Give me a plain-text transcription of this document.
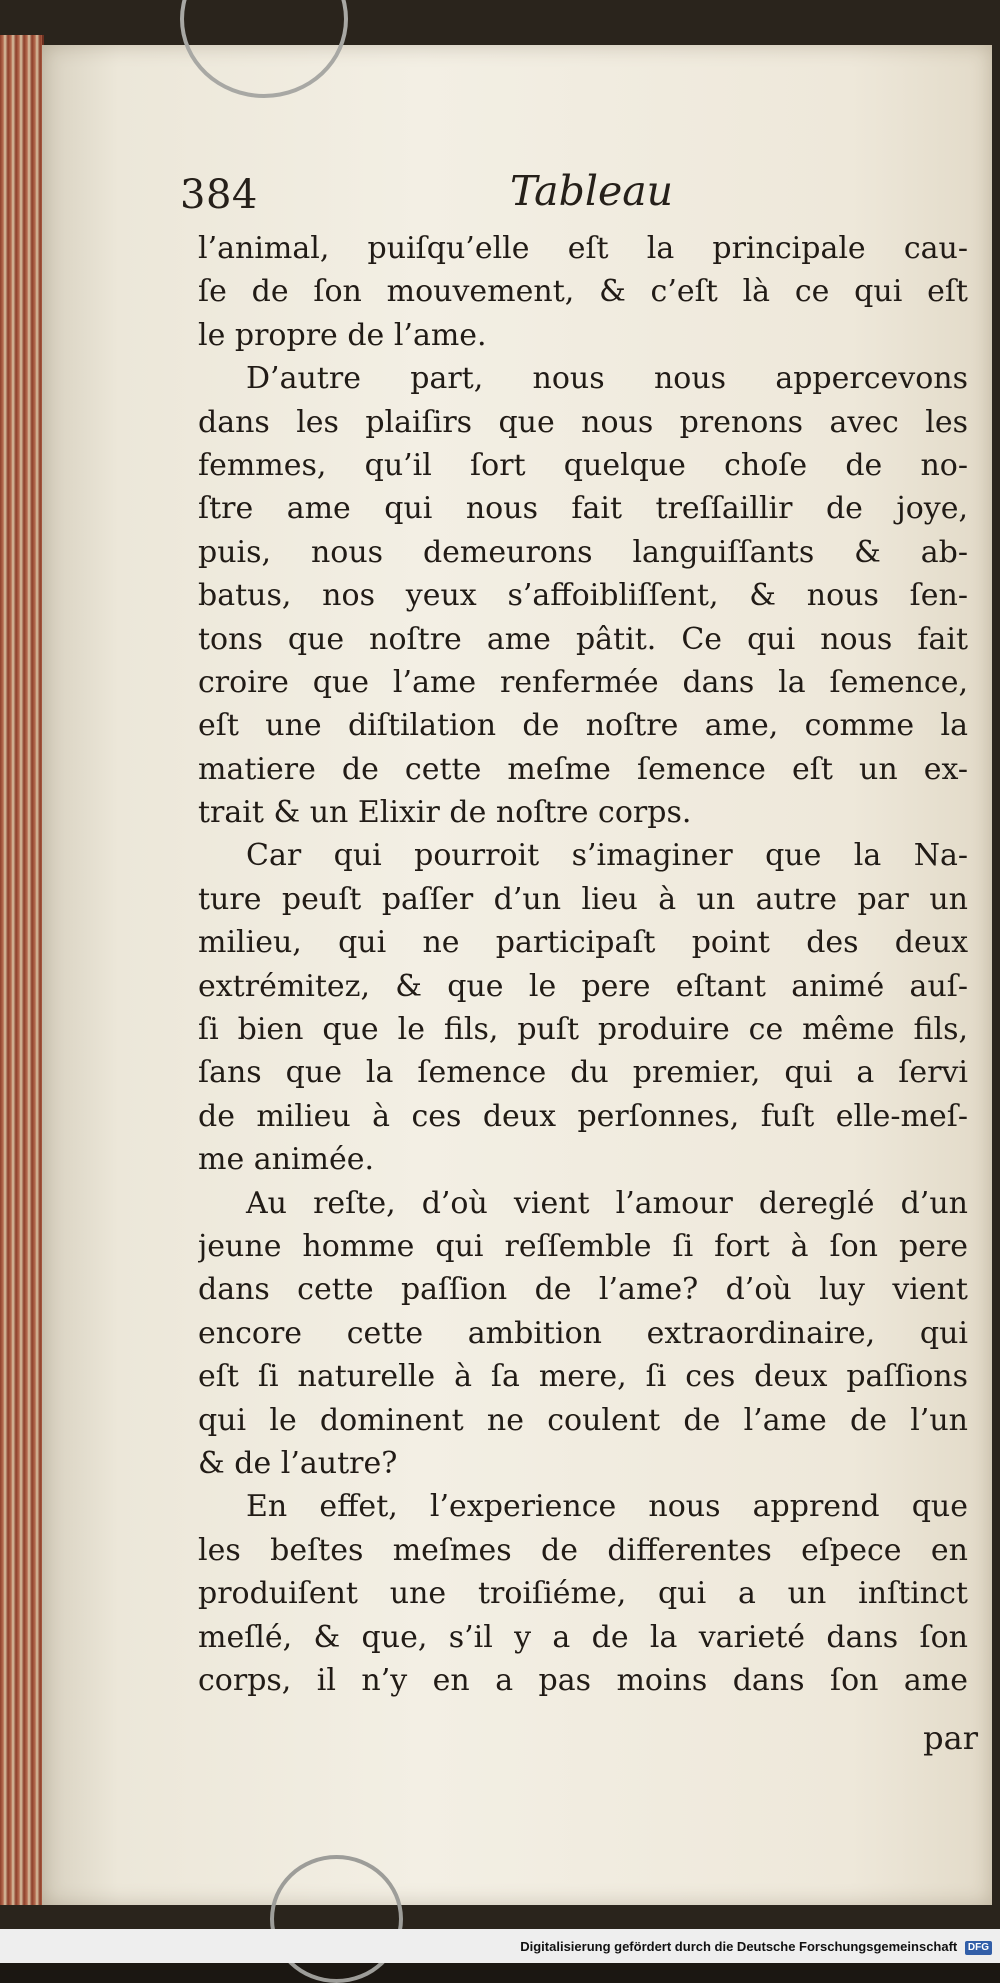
384	Tableau
l’animal, puiſqu’elle eſt la principale cau-
ſe de ſon mouvement, & c’eſt là ce qui eſt
le propre de l’ame.
D’autre part, nous nous appercevons
dans les plaiſirs que nous prenons avec les
femmes, qu’il ſort quelque choſe de no-
ſtre ame qui nous fait treſſaillir de joye,
puis, nous demeurons languiſſants & ab-
batus, nos yeux s’affoibliſſent, & nous ſen-
tons que noſtre ame pâtit. Ce qui nous fait
croire que l’ame renfermée dans la ſemence,
eſt une diſtilation de noſtre ame, comme la
matiere de cette meſme ſemence eſt un ex-
trait & un Elixir de noſtre corps.
Car qui pourroit s’imaginer que la Na-
ture peuſt paſſer d’un lieu à un autre par un
milieu, qui ne participaſt point des deux
extrémitez, & que le pere eſtant animé auſ-
ſi bien que le fils, puſt produire ce même fils,
ſans que la ſemence du premier, qui a ſervi
de milieu à ces deux perſonnes, fuſt elle-meſ-
me animée.
Au reſte, d’où vient l’amour dereglé d’un
jeune homme qui reſſemble ſi fort à ſon pere
dans cette paſſion de l’ame? d’où luy vient
encore cette ambition extraordinaire, qui
eſt ſi naturelle à ſa mere, ſi ces deux paſſions
qui le dominent ne coulent de l’ame de l’un
& de l’autre?
En effet, l’experience nous apprend que
les beſtes meſmes de differentes eſpece en
produiſent une troiſiéme, qui a un inſtinct
meſlé, & que, s’il y a de la varieté dans ſon
corps, il n’y en a pas moins dans ſon ame
par
Digitalisierung gefördert durch die Deutsche Forschungsgemeinschaft DFG
